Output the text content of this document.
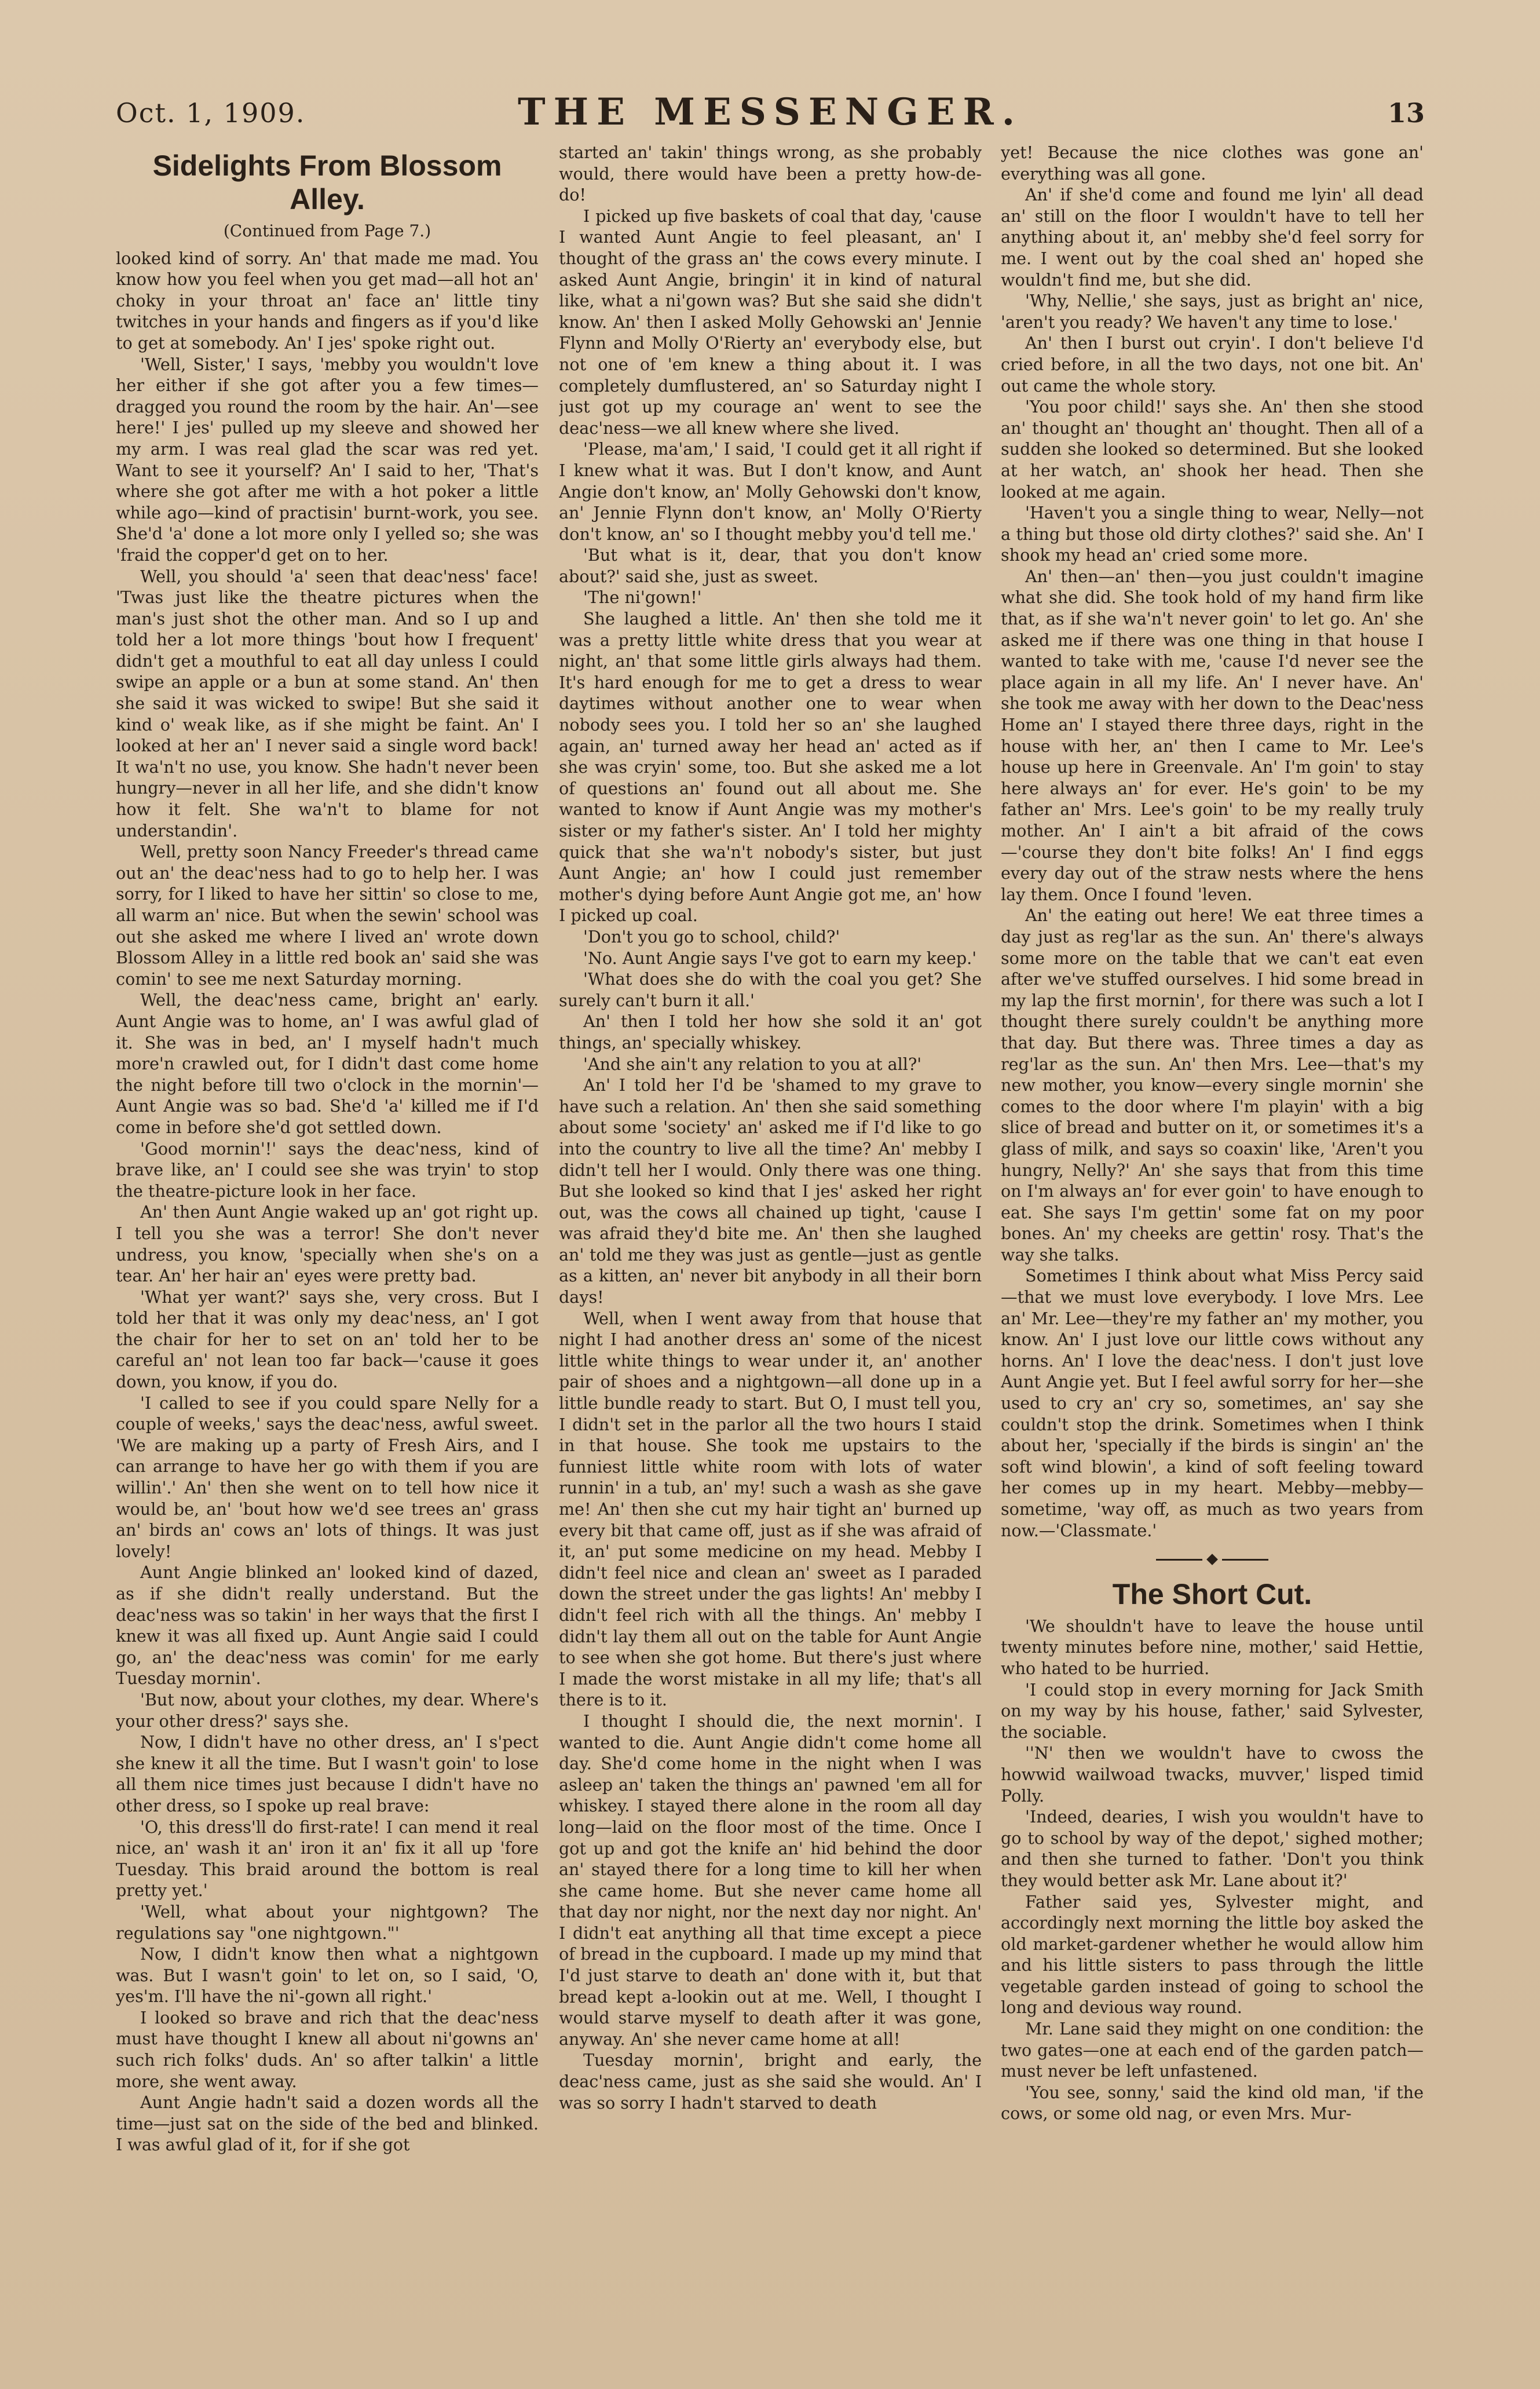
Oct. 1, 1909.	THE MESSENGER.	13
Sidelights From Blossom Alley.
(Continued from Page 7.)

looked kind of sorry. An' that made me mad. You know how you feel when you get mad—all hot an' choky in your throat an' face an' little tiny twitches in your hands and fingers as if you'd like to get at somebody. An' I jes' spoke right out.

'Well, Sister,' I says, 'mebby you wouldn't love her either if she got after you a few times—dragged you round the room by the hair. An'—see here!' I jes' pulled up my sleeve and showed her my arm. I was real glad the scar was red yet. Want to see it yourself? An' I said to her, 'That's where she got after me with a hot poker a little while ago—kind of practisin' burnt-work, you see. She'd 'a' done a lot more only I yelled so; she was 'fraid the copper'd get on to her.

Well, you should 'a' seen that deac'ness' face! 'Twas just like the theatre pictures when the man's just shot the other man. And so I up and told her a lot more things 'bout how I frequent' didn't get a mouthful to eat all day unless I could swipe an apple or a bun at some stand. An' then she said it was wicked to swipe! But she said it kind o' weak like, as if she might be faint. An' I looked at her an' I never said a single word back! It wa'n't no use, you know. She hadn't never been hungry—never in all her life, and she didn't know how it felt. She wa'n't to blame for not understandin'.

Well, pretty soon Nancy Freeder's thread came out an' the deac'ness had to go to help her. I was sorry, for I liked to have her sittin' so close to me, all warm an' nice. But when the sewin' school was out she asked me where I lived an' wrote down Blossom Alley in a little red book an' said she was comin' to see me next Saturday morning.

Well, the deac'ness came, bright an' early. Aunt Angie was to home, an' I was awful glad of it. She was in bed, an' I myself hadn't much more'n crawled out, for I didn't dast come home the night before till two o'clock in the mornin'—Aunt Angie was so bad. She'd 'a' killed me if I'd come in before she'd got settled down.

'Good mornin'!' says the deac'ness, kind of brave like, an' I could see she was tryin' to stop the theatre-picture look in her face.

An' then Aunt Angie waked up an' got right up. I tell you she was a terror! She don't never undress, you know, 'specially when she's on a tear. An' her hair an' eyes were pretty bad.

'What yer want?' says she, very cross. But I told her that it was only my deac'ness, an' I got the chair for her to set on an' told her to be careful an' not lean too far back—'cause it goes down, you know, if you do.

'I called to see if you could spare Nelly for a couple of weeks,' says the deac'ness, awful sweet. 'We are making up a party of Fresh Airs, and I can arrange to have her go with them if you are willin'.' An' then she went on to tell how nice it would be, an' 'bout how we'd see trees an' grass an' birds an' cows an' lots of things. It was just lovely!

Aunt Angie blinked an' looked kind of dazed, as if she didn't really understand. But the deac'ness was so takin' in her ways that the first I knew it was all fixed up. Aunt Angie said I could go, an' the deac'ness was comin' for me early Tuesday mornin'.

'But now, about your clothes, my dear. Where's your other dress?' says she.

Now, I didn't have no other dress, an' I s'pect she knew it all the time. But I wasn't goin' to lose all them nice times just because I didn't have no other dress, so I spoke up real brave:

'O, this dress'll do first-rate! I can mend it real nice, an' wash it an' iron it an' fix it all up 'fore Tuesday. This braid around the bottom is real pretty yet.'

'Well, what about your nightgown? The regulations say "one nightgown."'

Now, I didn't know then what a nightgown was. But I wasn't goin' to let on, so I said, 'O, yes'm. I'll have the ni'-gown all right.'

I looked so brave and rich that the deac'ness must have thought I knew all about ni'gowns an' such rich folks' duds. An' so after talkin' a little more, she went away.

Aunt Angie hadn't said a dozen words all the time—just sat on the side of the bed and blinked. I was awful glad of it, for if she got

started an' takin' things wrong, as she probably would, there would have been a pretty how-de-do!

I picked up five baskets of coal that day, 'cause I wanted Aunt Angie to feel pleasant, an' I thought of the grass an' the cows every minute. I asked Aunt Angie, bringin' it in kind of natural like, what a ni'gown was? But she said she didn't know. An' then I asked Molly Gehowski an' Jennie Flynn and Molly O'Rierty an' everybody else, but not one of 'em knew a thing about it. I was completely dumflustered, an' so Saturday night I just got up my courage an' went to see the deac'ness—we all knew where she lived.

'Please, ma'am,' I said, 'I could get it all right if I knew what it was. But I don't know, and Aunt Angie don't know, an' Molly Gehowski don't know, an' Jennie Flynn don't know, an' Molly O'Rierty don't know, an' so I thought mebby you'd tell me.'

'But what is it, dear, that you don't know about?' said she, just as sweet.

'The ni'gown!'

She laughed a little. An' then she told me it was a pretty little white dress that you wear at night, an' that some little girls always had them. It's hard enough for me to get a dress to wear daytimes without another one to wear when nobody sees you. I told her so an' she laughed again, an' turned away her head an' acted as if she was cryin' some, too. But she asked me a lot of questions an' found out all about me. She wanted to know if Aunt Angie was my mother's sister or my father's sister. An' I told her mighty quick that she wa'n't nobody's sister, but just Aunt Angie; an' how I could just remember mother's dying before Aunt Angie got me, an' how I picked up coal.

'Don't you go to school, child?'

'No. Aunt Angie says I've got to earn my keep.'

'What does she do with the coal you get? She surely can't burn it all.'

An' then I told her how she sold it an' got things, an' specially whiskey.

'And she ain't any relation to you at all?'

An' I told her I'd be 'shamed to my grave to have such a relation. An' then she said something about some 'society' an' asked me if I'd like to go into the country to live all the time? An' mebby I didn't tell her I would. Only there was one thing. But she looked so kind that I jes' asked her right out, was the cows all chained up tight, 'cause I was afraid they'd bite me. An' then she laughed an' told me they was just as gentle—just as gentle as a kitten, an' never bit anybody in all their born days!

Well, when I went away from that house that night I had another dress an' some of the nicest little white things to wear under it, an' another pair of shoes and a nightgown—all done up in a little bundle ready to start. But O, I must tell you, I didn't set in the parlor all the two hours I staid in that house. She took me upstairs to the funniest little white room with lots of water runnin' in a tub, an' my! such a wash as she gave me! An' then she cut my hair tight an' burned up every bit that came off, just as if she was afraid of it, an' put some medicine on my head. Mebby I didn't feel nice and clean an' sweet as I paraded down the street under the gas lights! An' mebby I didn't feel rich with all the things. An' mebby I didn't lay them all out on the table for Aunt Angie to see when she got home. But there's just where I made the worst mistake in all my life; that's all there is to it.

I thought I should die, the next mornin'. I wanted to die. Aunt Angie didn't come home all day. She'd come home in the night when I was asleep an' taken the things an' pawned 'em all for whiskey. I stayed there alone in the room all day long—laid on the floor most of the time. Once I got up and got the knife an' hid behind the door an' stayed there for a long time to kill her when she came home. But she never came home all that day nor night, nor the next day nor night. An' I didn't eat anything all that time except a piece of bread in the cupboard. I made up my mind that I'd just starve to death an' done with it, but that bread kept a-lookin out at me. Well, I thought I would starve myself to death after it was gone, anyway. An' she never came home at all!

Tuesday mornin', bright and early, the deac'ness came, just as she said she would. An' I was so sorry I hadn't starved to death

yet! Because the nice clothes was gone an' everything was all gone.

An' if she'd come and found me lyin' all dead an' still on the floor I wouldn't have to tell her anything about it, an' mebby she'd feel sorry for me. I went out by the coal shed an' hoped she wouldn't find me, but she did.

'Why, Nellie,' she says, just as bright an' nice, 'aren't you ready? We haven't any time to lose.'

An' then I burst out cryin'. I don't believe I'd cried before, in all the two days, not one bit. An' out came the whole story.

'You poor child!' says she. An' then she stood an' thought an' thought an' thought. Then all of a sudden she looked so determined. But she looked at her watch, an' shook her head. Then she looked at me again.

'Haven't you a single thing to wear, Nelly—not a thing but those old dirty clothes?' said she. An' I shook my head an' cried some more.

An' then—an' then—you just couldn't imagine what she did. She took hold of my hand firm like that, as if she wa'n't never goin' to let go. An' she asked me if there was one thing in that house I wanted to take with me, 'cause I'd never see the place again in all my life. An' I never have. An' she took me away with her down to the Deac'ness Home an' I stayed there three days, right in the house with her, an' then I came to Mr. Lee's house up here in Greenvale. An' I'm goin' to stay here always an' for ever. He's goin' to be my father an' Mrs. Lee's goin' to be my really truly mother. An' I ain't a bit afraid of the cows—'course they don't bite folks! An' I find eggs every day out of the straw nests where the hens lay them. Once I found 'leven.

An' the eating out here! We eat three times a day just as reg'lar as the sun. An' there's always some more on the table that we can't eat even after we've stuffed ourselves. I hid some bread in my lap the first mornin', for there was such a lot I thought there surely couldn't be anything more that day. But there was. Three times a day as reg'lar as the sun. An' then Mrs. Lee—that's my new mother, you know—every single mornin' she comes to the door where I'm playin' with a big slice of bread and butter on it, or sometimes it's a glass of milk, and says so coaxin' like, 'Aren't you hungry, Nelly?' An' she says that from this time on I'm always an' for ever goin' to have enough to eat. She says I'm gettin' some fat on my poor bones. An' my cheeks are gettin' rosy. That's the way she talks.

Sometimes I think about what Miss Percy said—that we must love everybody. I love Mrs. Lee an' Mr. Lee—they're my father an' my mother, you know. An' I just love our little cows without any horns. An' I love the deac'ness. I don't just love Aunt Angie yet. But I feel awful sorry for her—she used to cry an' cry so, sometimes, an' say she couldn't stop the drink. Sometimes when I think about her, 'specially if the birds is singin' an' the soft wind blowin', a kind of soft feeling toward her comes up in my heart. Mebby—mebby—sometime, 'way off, as much as two years from now.—'Classmate.'

The Short Cut.

'We shouldn't have to leave the house until twenty minutes before nine, mother,' said Hettie, who hated to be hurried.

'I could stop in every morning for Jack Smith on my way by his house, father,' said Sylvester, the sociable.

''N' then we wouldn't have to cwoss the howwid wailwoad twacks, muvver,' lisped timid Polly.

'Indeed, dearies, I wish you wouldn't have to go to school by way of the depot,' sighed mother; and then she turned to father. 'Don't you think they would better ask Mr. Lane about it?'

Father said yes, Sylvester might, and accordingly next morning the little boy asked the old market-gardener whether he would allow him and his little sisters to pass through the little vegetable garden instead of going to school the long and devious way round.

Mr. Lane said they might on one condition: the two gates—one at each end of the garden patch—must never be left unfastened.

'You see, sonny,' said the kind old man, 'if the cows, or some old nag, or even Mrs. Mur-
